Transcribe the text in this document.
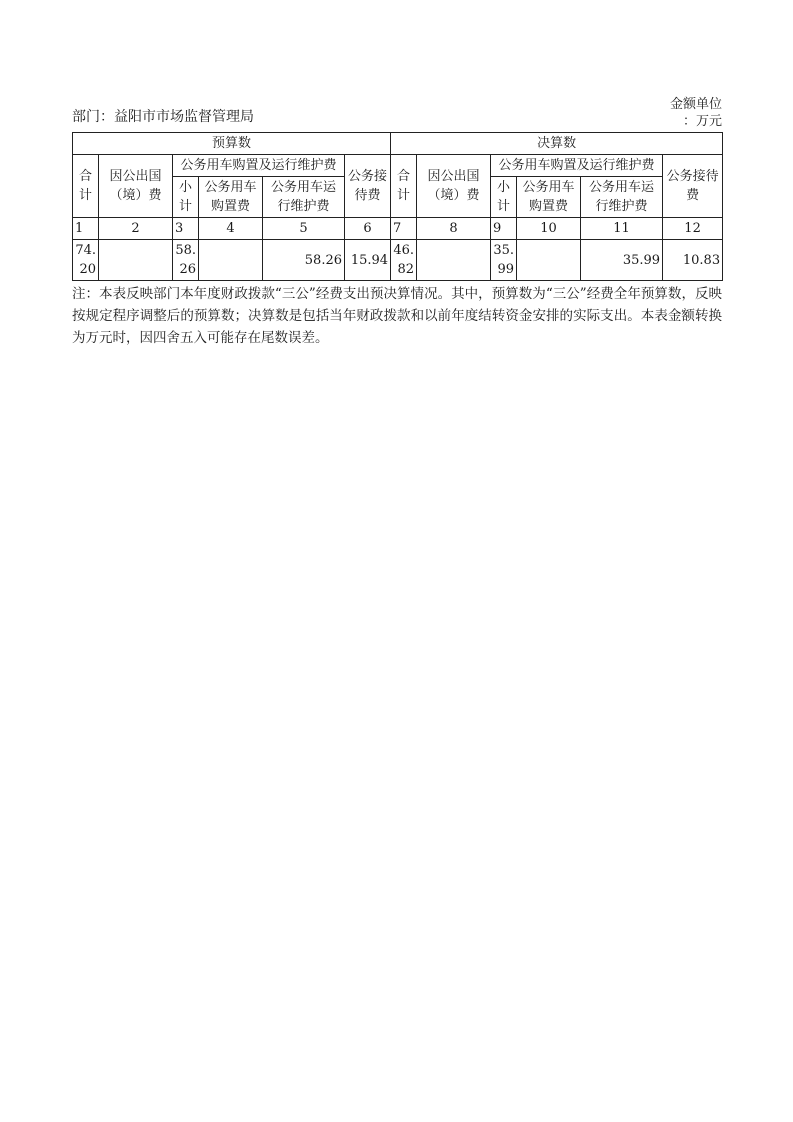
部门：益阳市市场监督管理局
金额单位
：万元
预算数						决算数					
合计	因公出国（境）费	公务用车购置及运行维护费			公务接待费	合计	因公出国（境）费	公务用车购置及运行维护费			公务接待费
		小计	公务用车购置费	公务用车运行维护费				小计	公务用车购置费	公务用车运行维护费	
1	2	3	4	5	6	7	8	9	10	11	12
74.20		58.26		58.26	15.94	46.82		35.99		35.99	10.83
注：本表反映部门本年度财政拨款“三公”经费支出预决算情况。其中，预算数为“三公”经费全年预算数，反映按规定程序调整后的预算数；决算数是包括当年财政拨款和以前年度结转资金安排的实际支出。本表金额转换为万元时，因四舍五入可能存在尾数误差。
